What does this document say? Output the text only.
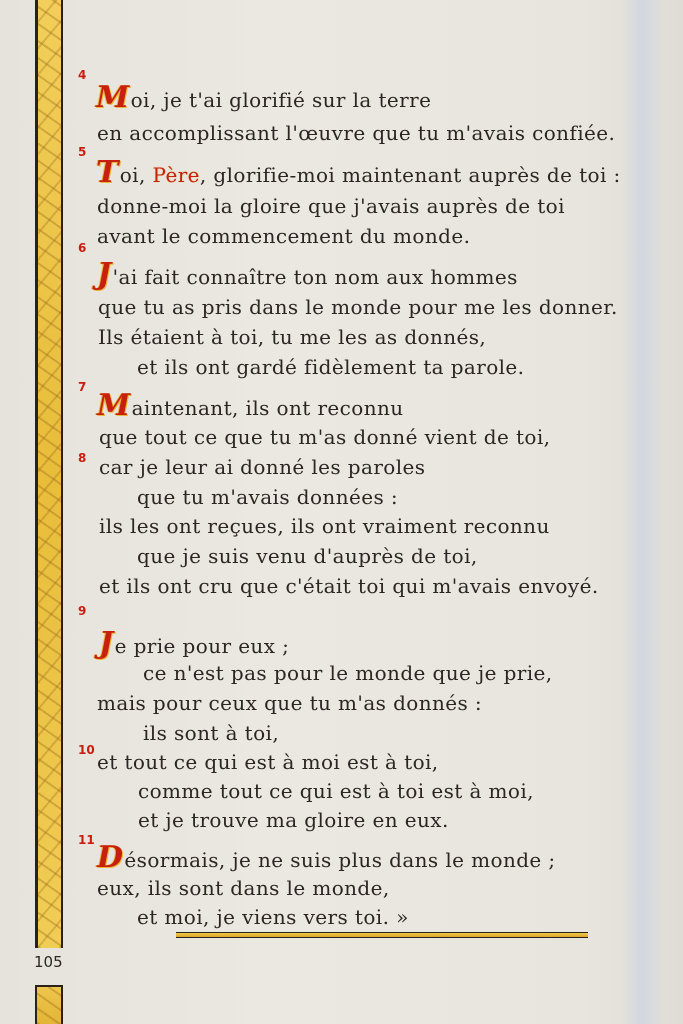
105
4
5
6
7
8
9
10
11
Moi, je t'ai glorifié sur la terre
en accomplissant l'œuvre que tu m'avais confiée.
Toi, Père, glorifie-moi maintenant auprès de toi :
donne-moi la gloire que j'avais auprès de toi
avant le commencement du monde.
J'ai fait connaître ton nom aux hommes
que tu as pris dans le monde pour me les donner.
Ils étaient à toi, tu me les as donnés,
et ils ont gardé fidèlement ta parole.
Maintenant, ils ont reconnu
que tout ce que tu m'as donné vient de toi,
car je leur ai donné les paroles
que tu m'avais données :
ils les ont reçues, ils ont vraiment reconnu
que je suis venu d'auprès de toi,
et ils ont cru que c'était toi qui m'avais envoyé.
Je prie pour eux ;
ce n'est pas pour le monde que je prie,
mais pour ceux que tu m'as donnés :
ils sont à toi,
et tout ce qui est à moi est à toi,
comme tout ce qui est à toi est à moi,
et je trouve ma gloire en eux.
Désormais, je ne suis plus dans le monde ;
eux, ils sont dans le monde,
et moi, je viens vers toi. »
